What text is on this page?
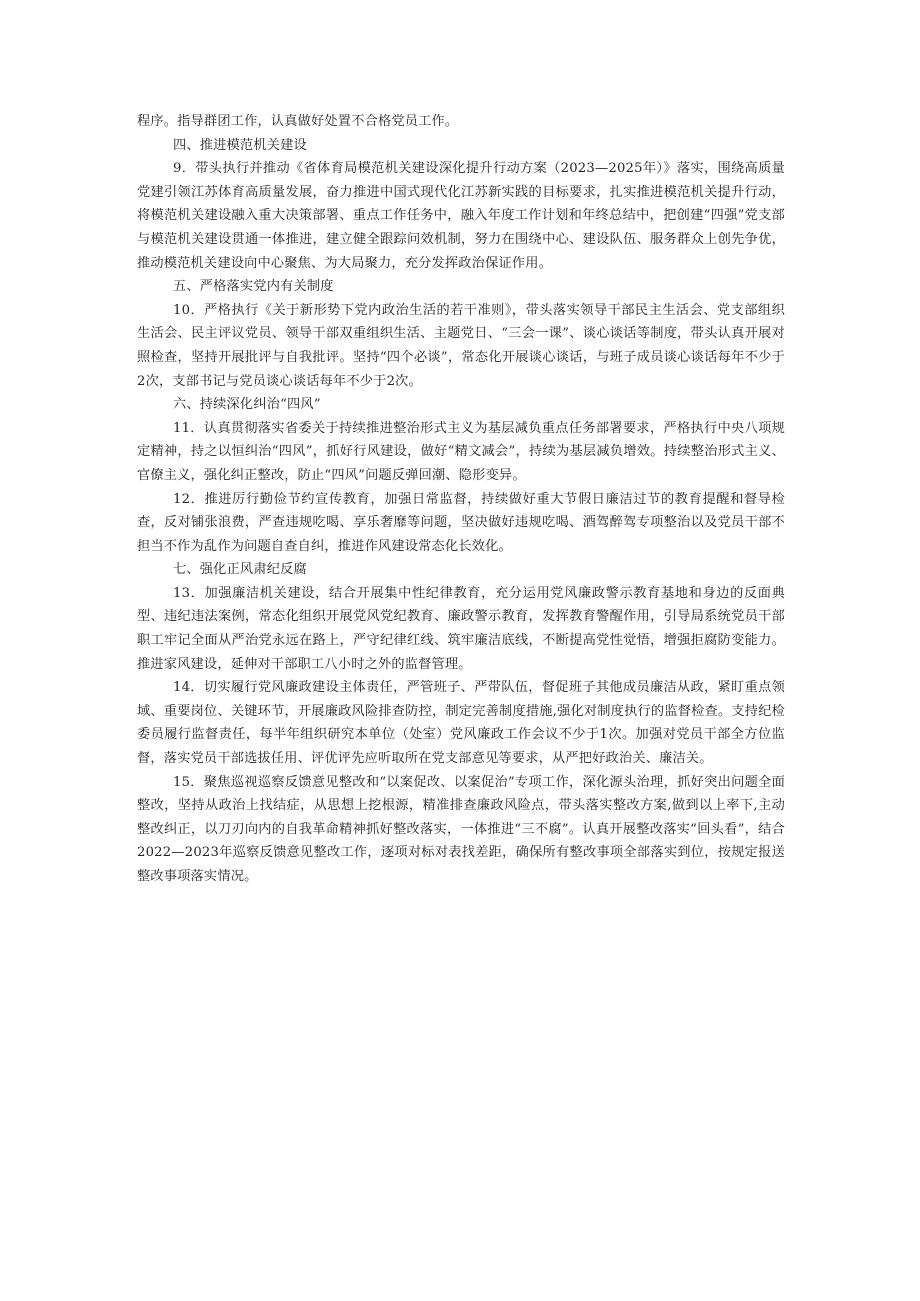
程序。指导群团工作，认真做好处置不合格党员工作。

四、推进模范机关建设

9．带头执行并推动《省体育局模范机关建设深化提升行动方案（2023—2025年）》落实，围绕高质量党建引领江苏体育高质量发展，奋力推进中国式现代化江苏新实践的目标要求，扎实推进模范机关提升行动，将模范机关建设融入重大决策部署、重点工作任务中，融入年度工作计划和年终总结中，把创建“四强”党支部与模范机关建设贯通一体推进，建立健全跟踪问效机制，努力在围绕中心、建设队伍、服务群众上创先争优，推动模范机关建设向中心聚焦、为大局聚力，充分发挥政治保证作用。

五、严格落实党内有关制度

10．严格执行《关于新形势下党内政治生活的若干准则》，带头落实领导干部民主生活会、党支部组织生活会、民主评议党员、领导干部双重组织生活、主题党日、“三会一课”、谈心谈话等制度，带头认真开展对照检查，坚持开展批评与自我批评。坚持“四个必谈”，常态化开展谈心谈话，与班子成员谈心谈话每年不少于2次，支部书记与党员谈心谈话每年不少于2次。

六、持续深化纠治“四风”

11．认真贯彻落实省委关于持续推进整治形式主义为基层减负重点任务部署要求，严格执行中央八项规定精神，持之以恒纠治“四风”，抓好行风建设，做好“精文减会”，持续为基层减负增效。持续整治形式主义、官僚主义，强化纠正整改，防止“四风”问题反弹回潮、隐形变异。

12．推进厉行勤俭节约宣传教育，加强日常监督，持续做好重大节假日廉洁过节的教育提醒和督导检查，反对铺张浪费，严查违规吃喝、享乐奢靡等问题，坚决做好违规吃喝、酒驾醉驾专项整治以及党员干部不担当不作为乱作为问题自查自纠，推进作风建设常态化长效化。

七、强化正风肃纪反腐

13．加强廉洁机关建设，结合开展集中性纪律教育，充分运用党风廉政警示教育基地和身边的反面典型、违纪违法案例，常态化组织开展党风党纪教育、廉政警示教育，发挥教育警醒作用，引导局系统党员干部职工牢记全面从严治党永远在路上，严守纪律红线、筑牢廉洁底线，不断提高党性觉悟，增强拒腐防变能力。推进家风建设，延伸对干部职工八小时之外的监督管理。

14．切实履行党风廉政建设主体责任，严管班子、严带队伍，督促班子其他成员廉洁从政，紧盯重点领域、重要岗位、关键环节，开展廉政风险排查防控，制定完善制度措施,强化对制度执行的监督检查。支持纪检委员履行监督责任，每半年组织研究本单位（处室）党风廉政工作会议不少于1次。加强对党员干部全方位监督，落实党员干部选拔任用、评优评先应听取所在党支部意见等要求，从严把好政治关、廉洁关。

15．聚焦巡视巡察反馈意见整改和“以案促改、以案促治”专项工作，深化源头治理，抓好突出问题全面整改，坚持从政治上找结症，从思想上挖根源，精准排查廉政风险点，带头落实整改方案,做到以上率下,主动整改纠正，以刀刃向内的自我革命精神抓好整改落实，一体推进“三不腐”。认真开展整改落实“回头看”，结合2022—2023年巡察反馈意见整改工作，逐项对标对表找差距，确保所有整改事项全部落实到位，按规定报送整改事项落实情况。
